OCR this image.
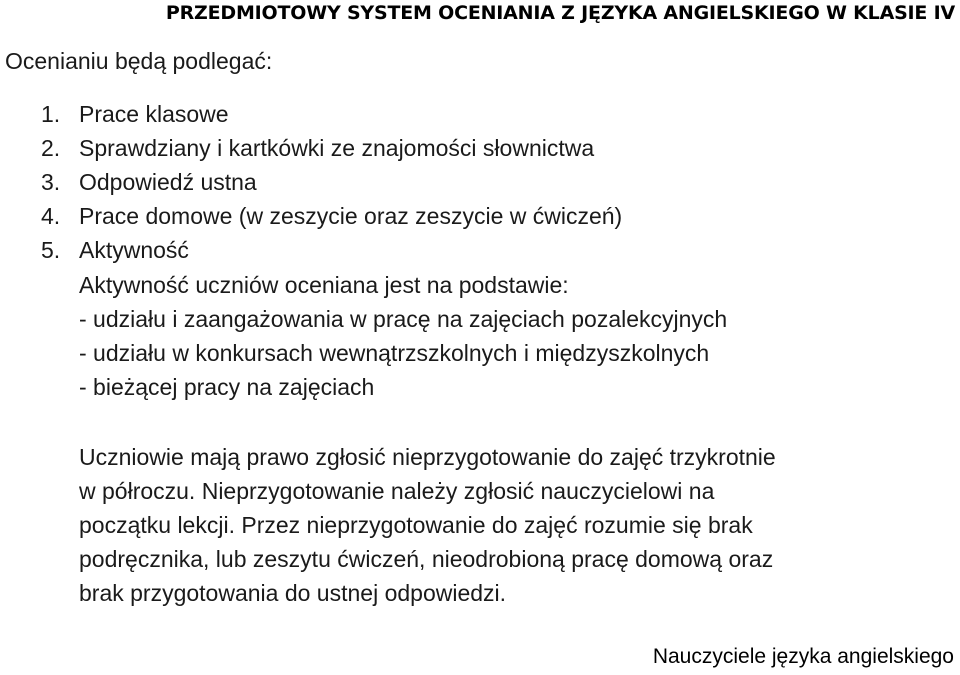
PRZEDMIOTOWY SYSTEM OCENIANIA Z JĘZYKA ANGIELSKIEGO W KLASIE IV
Ocenianiu będą podlegać:
1. Prace klasowe
2. Sprawdziany i kartkówki ze znajomości słownictwa
3. Odpowiedź ustna
4. Prace domowe (w zeszycie oraz zeszycie w ćwiczeń)
5. Aktywność
Aktywność uczniów oceniana jest na podstawie:
- udziału i zaangażowania w pracę na zajęciach pozalekcyjnych
- udziału w konkursach wewnątrzszkolnych i międzyszkolnych
- bieżącej pracy na zajęciach
Uczniowie mają prawo zgłosić nieprzygotowanie do zajęć trzykrotnie
w półroczu. Nieprzygotowanie należy zgłosić nauczycielowi na
początku lekcji. Przez nieprzygotowanie do zajęć rozumie się brak
podręcznika, lub zeszytu ćwiczeń, nieodrobioną pracę domową oraz
brak przygotowania do ustnej odpowiedzi.
Nauczyciele języka angielskiego
